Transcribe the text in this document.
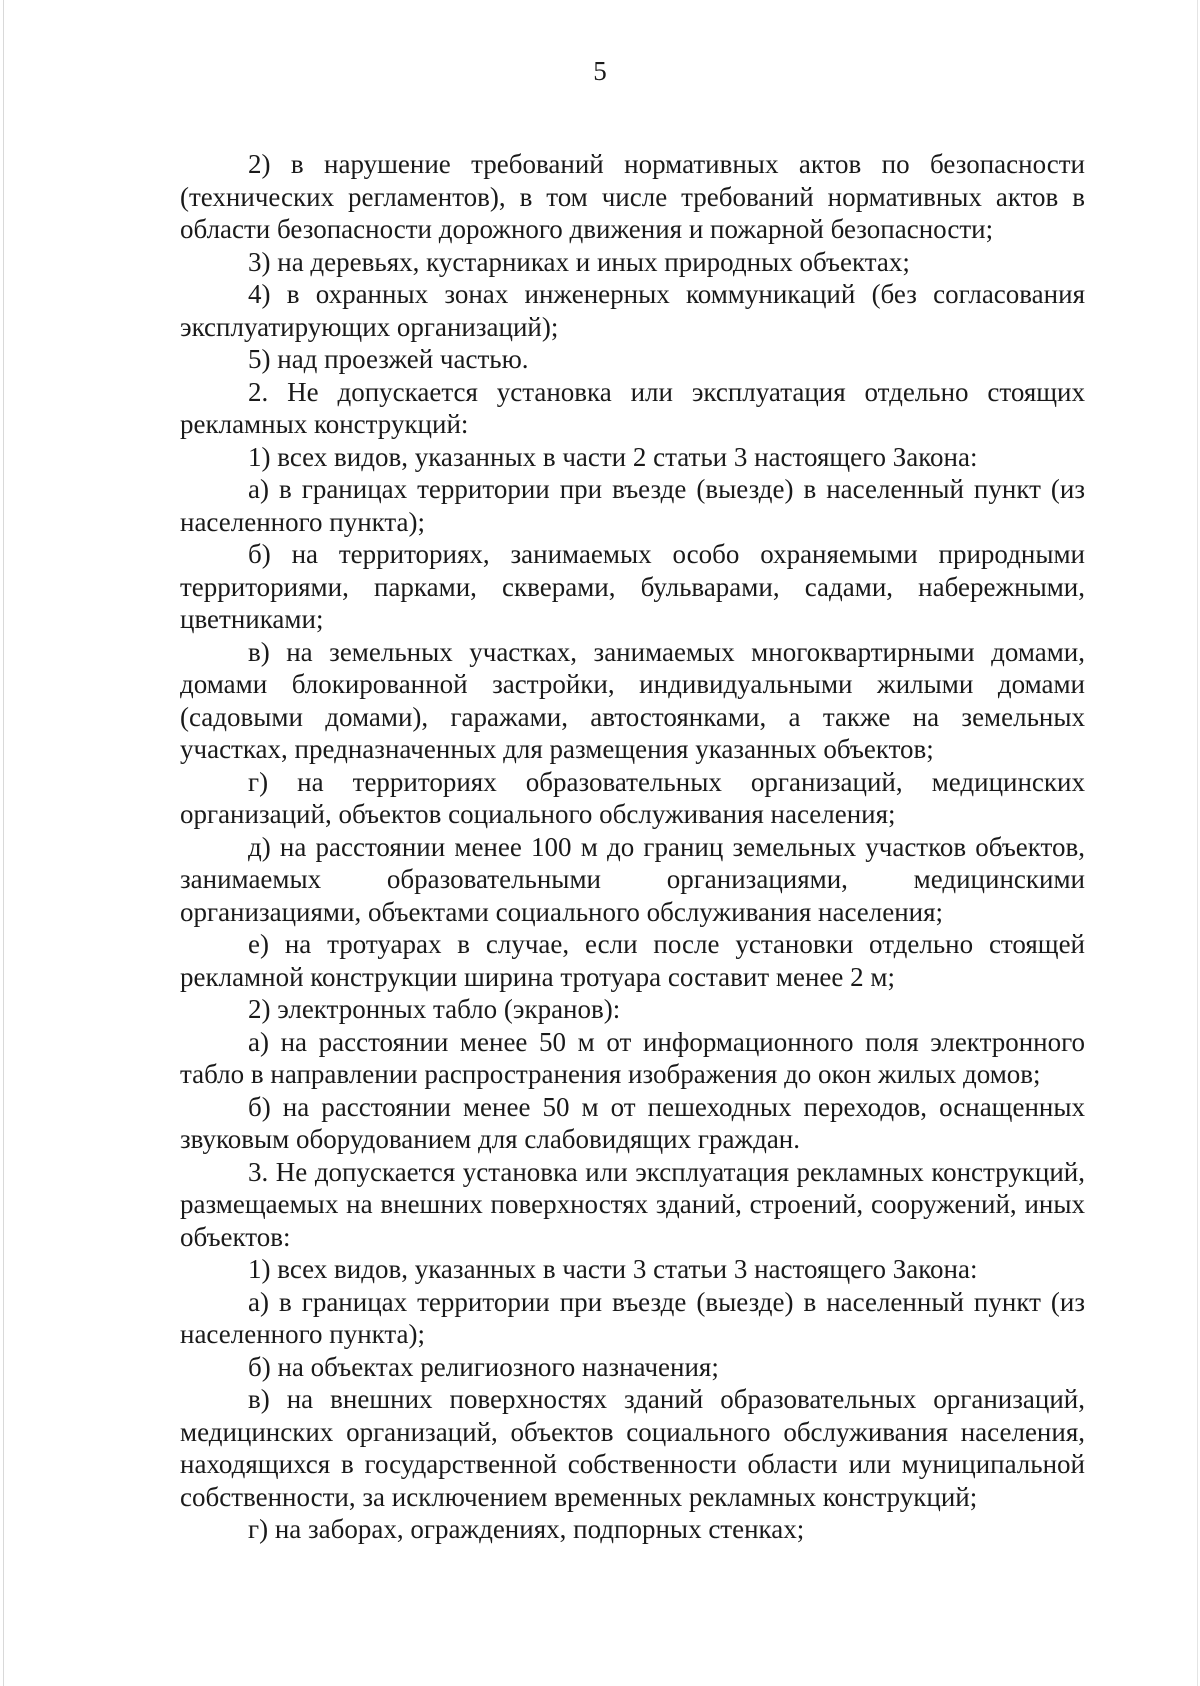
5

2) в нарушение требований нормативных актов по безопасности (технических регламентов), в том числе требований нормативных актов в области безопасности дорожного движения и пожарной безопасности;

3) на деревьях, кустарниках и иных природных объектах;

4) в охранных зонах инженерных коммуникаций (без согласования эксплуатирующих организаций);

5) над проезжей частью.

2. Не допускается установка или эксплуатация отдельно стоящих рекламных конструкций:

1) всех видов, указанных в части 2 статьи 3 настоящего Закона:

а) в границах территории при въезде (выезде) в населенный пункт (из населенного пункта);

б) на территориях, занимаемых особо охраняемыми природными территориями, парками, скверами, бульварами, садами, набережными, цветниками;

в) на земельных участках, занимаемых многоквартирными домами, домами блокированной застройки, индивидуальными жилыми домами (садовыми домами), гаражами, автостоянками, а также на земельных участках, предназначенных для размещения указанных объектов;

г) на территориях образовательных организаций, медицинских организаций, объектов социального обслуживания населения;

д) на расстоянии менее 100 м до границ земельных участков объектов, занимаемых образовательными организациями, медицинскими организациями, объектами социального обслуживания населения;

е) на тротуарах в случае, если после установки отдельно стоящей рекламной конструкции ширина тротуара составит менее 2 м;

2) электронных табло (экранов):

а) на расстоянии менее 50 м от информационного поля электронного табло в направлении распространения изображения до окон жилых домов;

б) на расстоянии менее 50 м от пешеходных переходов, оснащенных звуковым оборудованием для слабовидящих граждан.

3. Не допускается установка или эксплуатация рекламных конструкций, размещаемых на внешних поверхностях зданий, строений, сооружений, иных объектов:

1) всех видов, указанных в части 3 статьи 3 настоящего Закона:

а) в границах территории при въезде (выезде) в населенный пункт (из населенного пункта);

б) на объектах религиозного назначения;

в) на внешних поверхностях зданий образовательных организаций, медицинских организаций, объектов социального обслуживания населения, находящихся в государственной собственности области или муниципальной собственности, за исключением временных рекламных конструкций;

г) на заборах, ограждениях, подпорных стенках;
